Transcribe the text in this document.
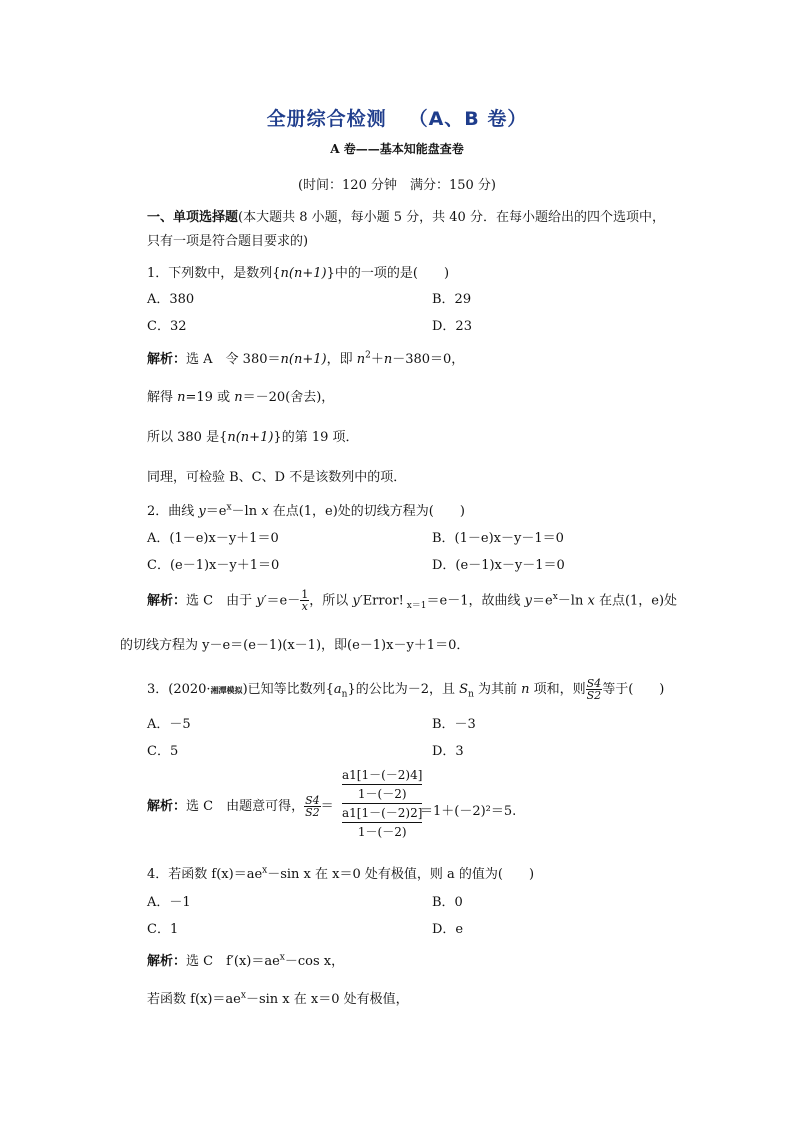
全册综合检测 （A、B 卷）
A 卷——基本知能盘查卷
(时间：120 分钟　满分：150 分)
一、单项选择题(本大题共 8 小题，每小题 5 分，共 40 分．在每小题给出的四个选项中，只有一项是符合题目要求的)
1．下列数中，是数列{n(n+1)}中的一项的是(　　)
A．380	B．29
C．32	D．23
解析：选 A　令 380＝n(n+1)，即 $n^2+n-380=0$，
解得 n=19 或 n＝－20(舍去)，
所以 380 是{n(n+1)}的第 19 项．
同理，可检验 B、C、D 不是该数列中的项．
2．曲线 $y=e^x-\ln$ x 在点(1，e)处的切线方程为(　　)
A．(1－e)x－y＋1＝0	B．(1－e)x－y－1＝0
C．(e－1)x－y＋1＝0	D．(e－1)x－y－1＝0
解析：选 C　由于 $y'=e- \frac{1}{x}$ ，所以 y′Error! $_{x=1}$＝e－1，故曲线 $y=e^x-\ln$ x 在点(1，e)处
的切线方程为 y－e＝(e－1)(x－1)，即(e－1)x－y＋1＝0．
3．(2020·湘潭模拟)已知等比数列$\{a_n\}$的公比为－2，且 $S_n$ 为其前 n 项和，则 $\frac{S4}{S2}$ 等于(　　)
A．－5	B．－3
C．5	D．3
解析：选 C　由题意可得， $\frac{S4}{S2}$ ＝
a1[1－(－2)4]
1－(－2)
a1[1－(－2)2]
1－(－2)
＝1＋(－2)²＝5.
4．若函数 $f(x)=ae^x-\sin$ x 在 x＝0 处有极值，则 a 的值为(　　)
A．－1	B．0
C．1	D．e
解析：选 C　$f'(x)=ae^x-\cos$ x，
若函数 $f(x)=ae^x-\sin$ x 在 x＝0 处有极值，
